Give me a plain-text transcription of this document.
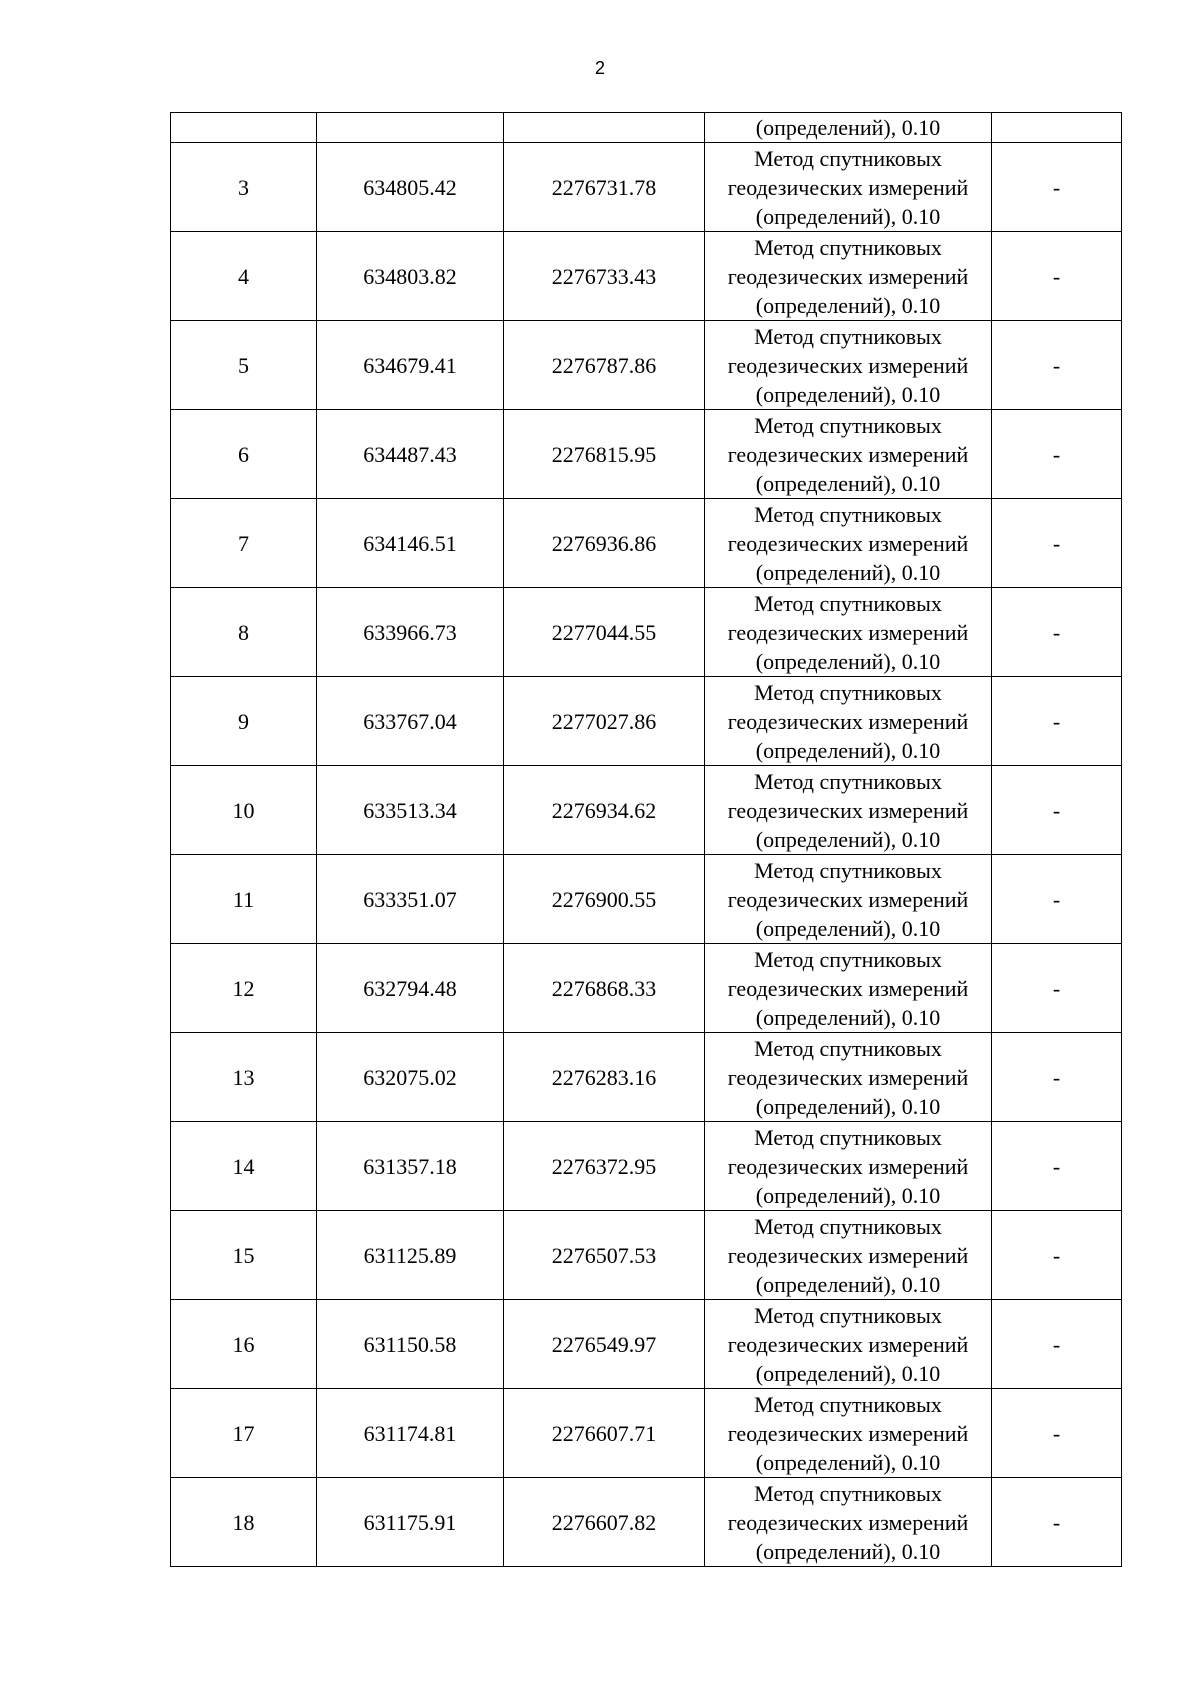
2
			(определений), 0.10	
3	634805.42	2276731.78	Метод спутниковых
геодезических измерений
(определений), 0.10	-
4	634803.82	2276733.43	Метод спутниковых
геодезических измерений
(определений), 0.10	-
5	634679.41	2276787.86	Метод спутниковых
геодезических измерений
(определений), 0.10	-
6	634487.43	2276815.95	Метод спутниковых
геодезических измерений
(определений), 0.10	-
7	634146.51	2276936.86	Метод спутниковых
геодезических измерений
(определений), 0.10	-
8	633966.73	2277044.55	Метод спутниковых
геодезических измерений
(определений), 0.10	-
9	633767.04	2277027.86	Метод спутниковых
геодезических измерений
(определений), 0.10	-
10	633513.34	2276934.62	Метод спутниковых
геодезических измерений
(определений), 0.10	-
11	633351.07	2276900.55	Метод спутниковых
геодезических измерений
(определений), 0.10	-
12	632794.48	2276868.33	Метод спутниковых
геодезических измерений
(определений), 0.10	-
13	632075.02	2276283.16	Метод спутниковых
геодезических измерений
(определений), 0.10	-
14	631357.18	2276372.95	Метод спутниковых
геодезических измерений
(определений), 0.10	-
15	631125.89	2276507.53	Метод спутниковых
геодезических измерений
(определений), 0.10	-
16	631150.58	2276549.97	Метод спутниковых
геодезических измерений
(определений), 0.10	-
17	631174.81	2276607.71	Метод спутниковых
геодезических измерений
(определений), 0.10	-
18	631175.91	2276607.82	Метод спутниковых
геодезических измерений
(определений), 0.10	-
